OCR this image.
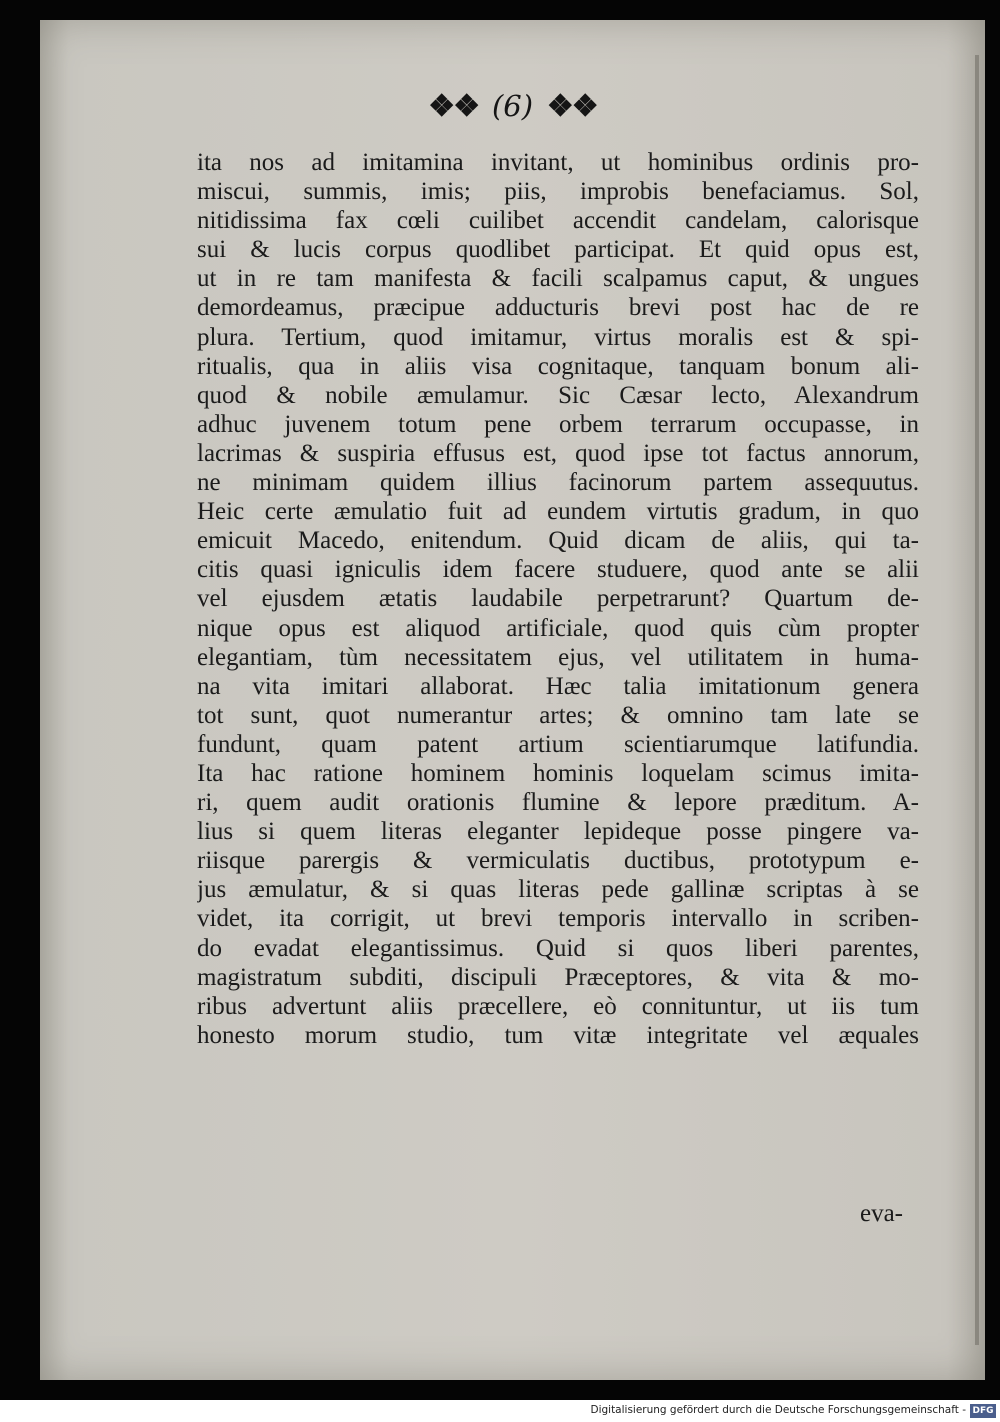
❖❖ (6) ❖❖
ita nos ad imitamina invitant, ut hominibus ordinis pro-
miscui, summis, imis; piis, improbis benefaciamus. Sol,
nitidissima fax cœli cuilibet accendit candelam, calorisque
sui & lucis corpus quodlibet participat. Et quid opus est,
ut in re tam manifesta & facili scalpamus caput, & ungues
demordeamus, præcipue adducturis brevi post hac de re
plura. Tertium, quod imitamur, virtus moralis est & spi-
ritualis, qua in aliis visa cognitaque, tanquam bonum ali-
quod & nobile æmulamur. Sic Cæsar lecto, Alexandrum
adhuc juvenem totum pene orbem terrarum occupasse, in
lacrimas & suspiria effusus est, quod ipse tot factus annorum,
ne minimam quidem illius facinorum partem assequutus.
Heic certe æmulatio fuit ad eundem virtutis gradum, in quo
emicuit Macedo, enitendum. Quid dicam de aliis, qui ta-
citis quasi igniculis idem facere studuere, quod ante se alii
vel ejusdem ætatis laudabile perpetrarunt? Quartum de-
nique opus est aliquod artificiale, quod quis cùm propter
elegantiam, tùm necessitatem ejus, vel utilitatem in huma-
na vita imitari allaborat. Hæc talia imitationum genera
tot sunt, quot numerantur artes; & omnino tam late se
fundunt, quam patent artium scientiarumque latifundia.
Ita hac ratione hominem hominis loquelam scimus imita-
ri, quem audit orationis flumine & lepore præditum. A-
lius si quem literas eleganter lepideque posse pingere va-
riisque parergis & vermiculatis ductibus, prototypum e-
jus æmulatur, & si quas literas pede gallinæ scriptas à se
videt, ita corrigit, ut brevi temporis intervallo in scriben-
do evadat elegantissimus. Quid si quos liberi parentes,
magistratum subditi, discipuli Præceptores, & vita & mo-
ribus advertunt aliis præcellere, eò connituntur, ut iis tum
honesto morum studio, tum vitæ integritate vel æquales
eva-
Digitalisierung gefördert durch die Deutsche Forschungsgemeinschaft - DFG
